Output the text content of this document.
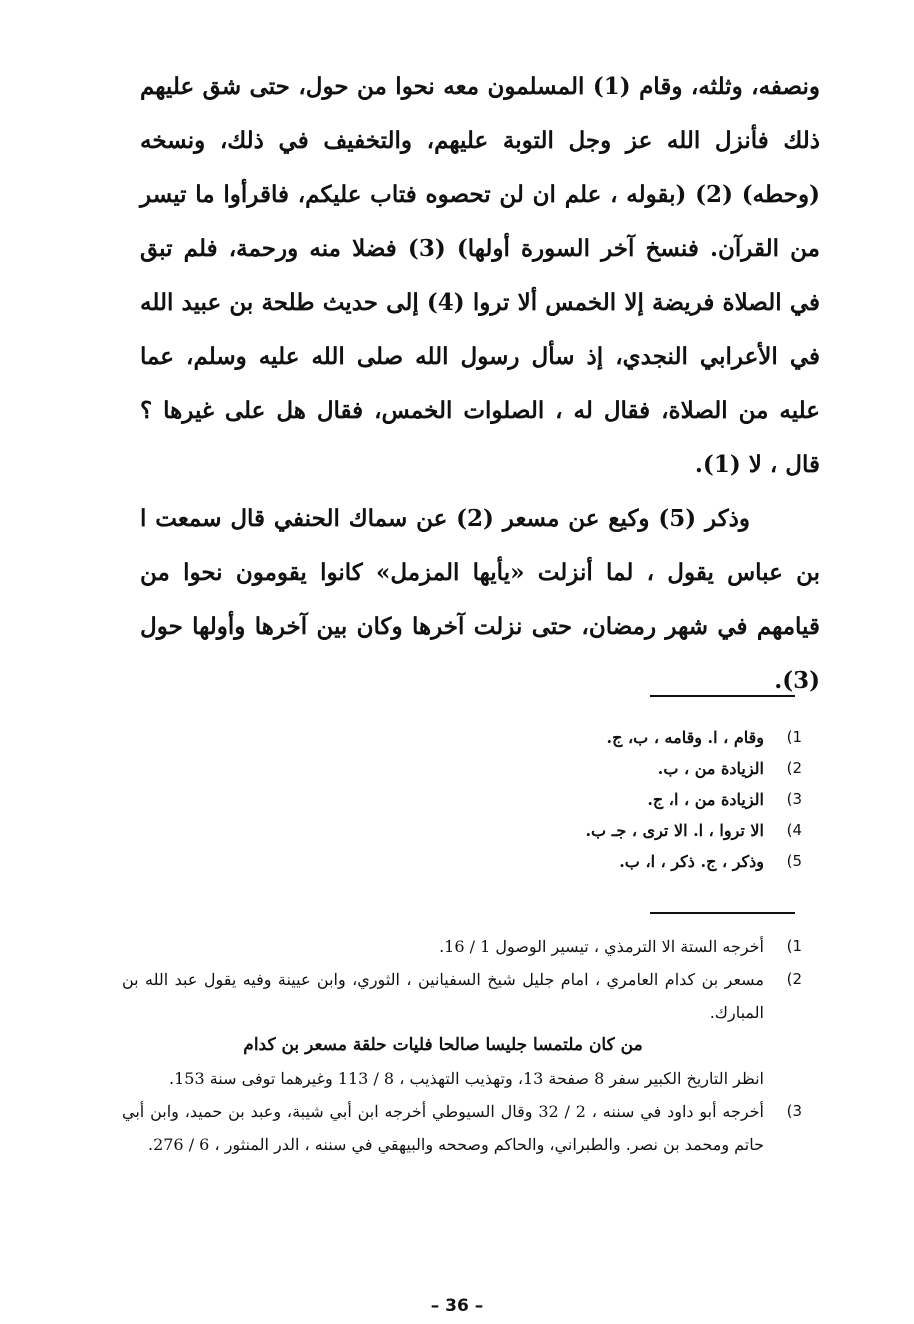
ونصفه، وثلثه، وقام (1) المسلمون معه نحوا من حول، حتى شق عليهم ذلك فأنزل الله عز وجل التوبة عليهم، والتخفيف في ذلك، ونسخه (وحطه) (2) (بقوله ، علم ان لن تحصوه فتاب عليكم، فاقرأوا ما تيسر من القرآن. فنسخ آخر السورة أولها) (3) فضلا منه ورحمة، فلم تبق في الصلاة فريضة إلا الخمس ألا تروا (4) إلى حديث طلحة بن عبيد الله في الأعرابي النجدي، إذ سأل رسول الله صلى الله عليه وسلم، عما عليه من الصلاة، فقال له ، الصلوات الخمس، فقال هل على غيرها ؟ قال ، لا (1).

وذكر (5) وكيع عن مسعر (2) عن سماك الحنفي قال سمعت ا بن عباس يقول ، لما أنزلت «يأيها المزمل» كانوا يقومون نحوا من قيامهم في شهر رمضان، حتى نزلت آخرها وكان بين آخرها وأولها حول (3).

1)
وقام ، ا. وقامه ، ب، ج.
2)
الزيادة من ، ب.
3)
الزيادة من ، ا، ج.
4)
الا تروا ، ا. الا ترى ، جـ ب.
5)
وذكر ، ج. ذكر ، ا، ب.
1)
أخرجه الستة الا الترمذي ، تيسير الوصول 1 / 16.
2)
مسعر بن كدام العامري ، امام جليل شيخ السفيانين ، الثوري، وابن عيينة وفيه يقول عبد الله بن المبارك.
من كان ملتمسا جليسا صالحا فليات حلقة مسعر بن كدام
انظر التاريخ الكبير سفر 8 صفحة 13، وتهذيب التهذيب ، 8 / 113 وغيرهما توفى سنة 153.
3)
أخرجه أبو داود في سننه ، 2 / 32 وقال السيوطي أخرجه ابن أبي شيبة، وعبد بن حميد، وابن أبي حاتم ومحمد بن نصر. والطبراني، والحاكم وصححه والبيهقي في سننه ، الدر المنثور ، 6 / 276.
– 36 –
